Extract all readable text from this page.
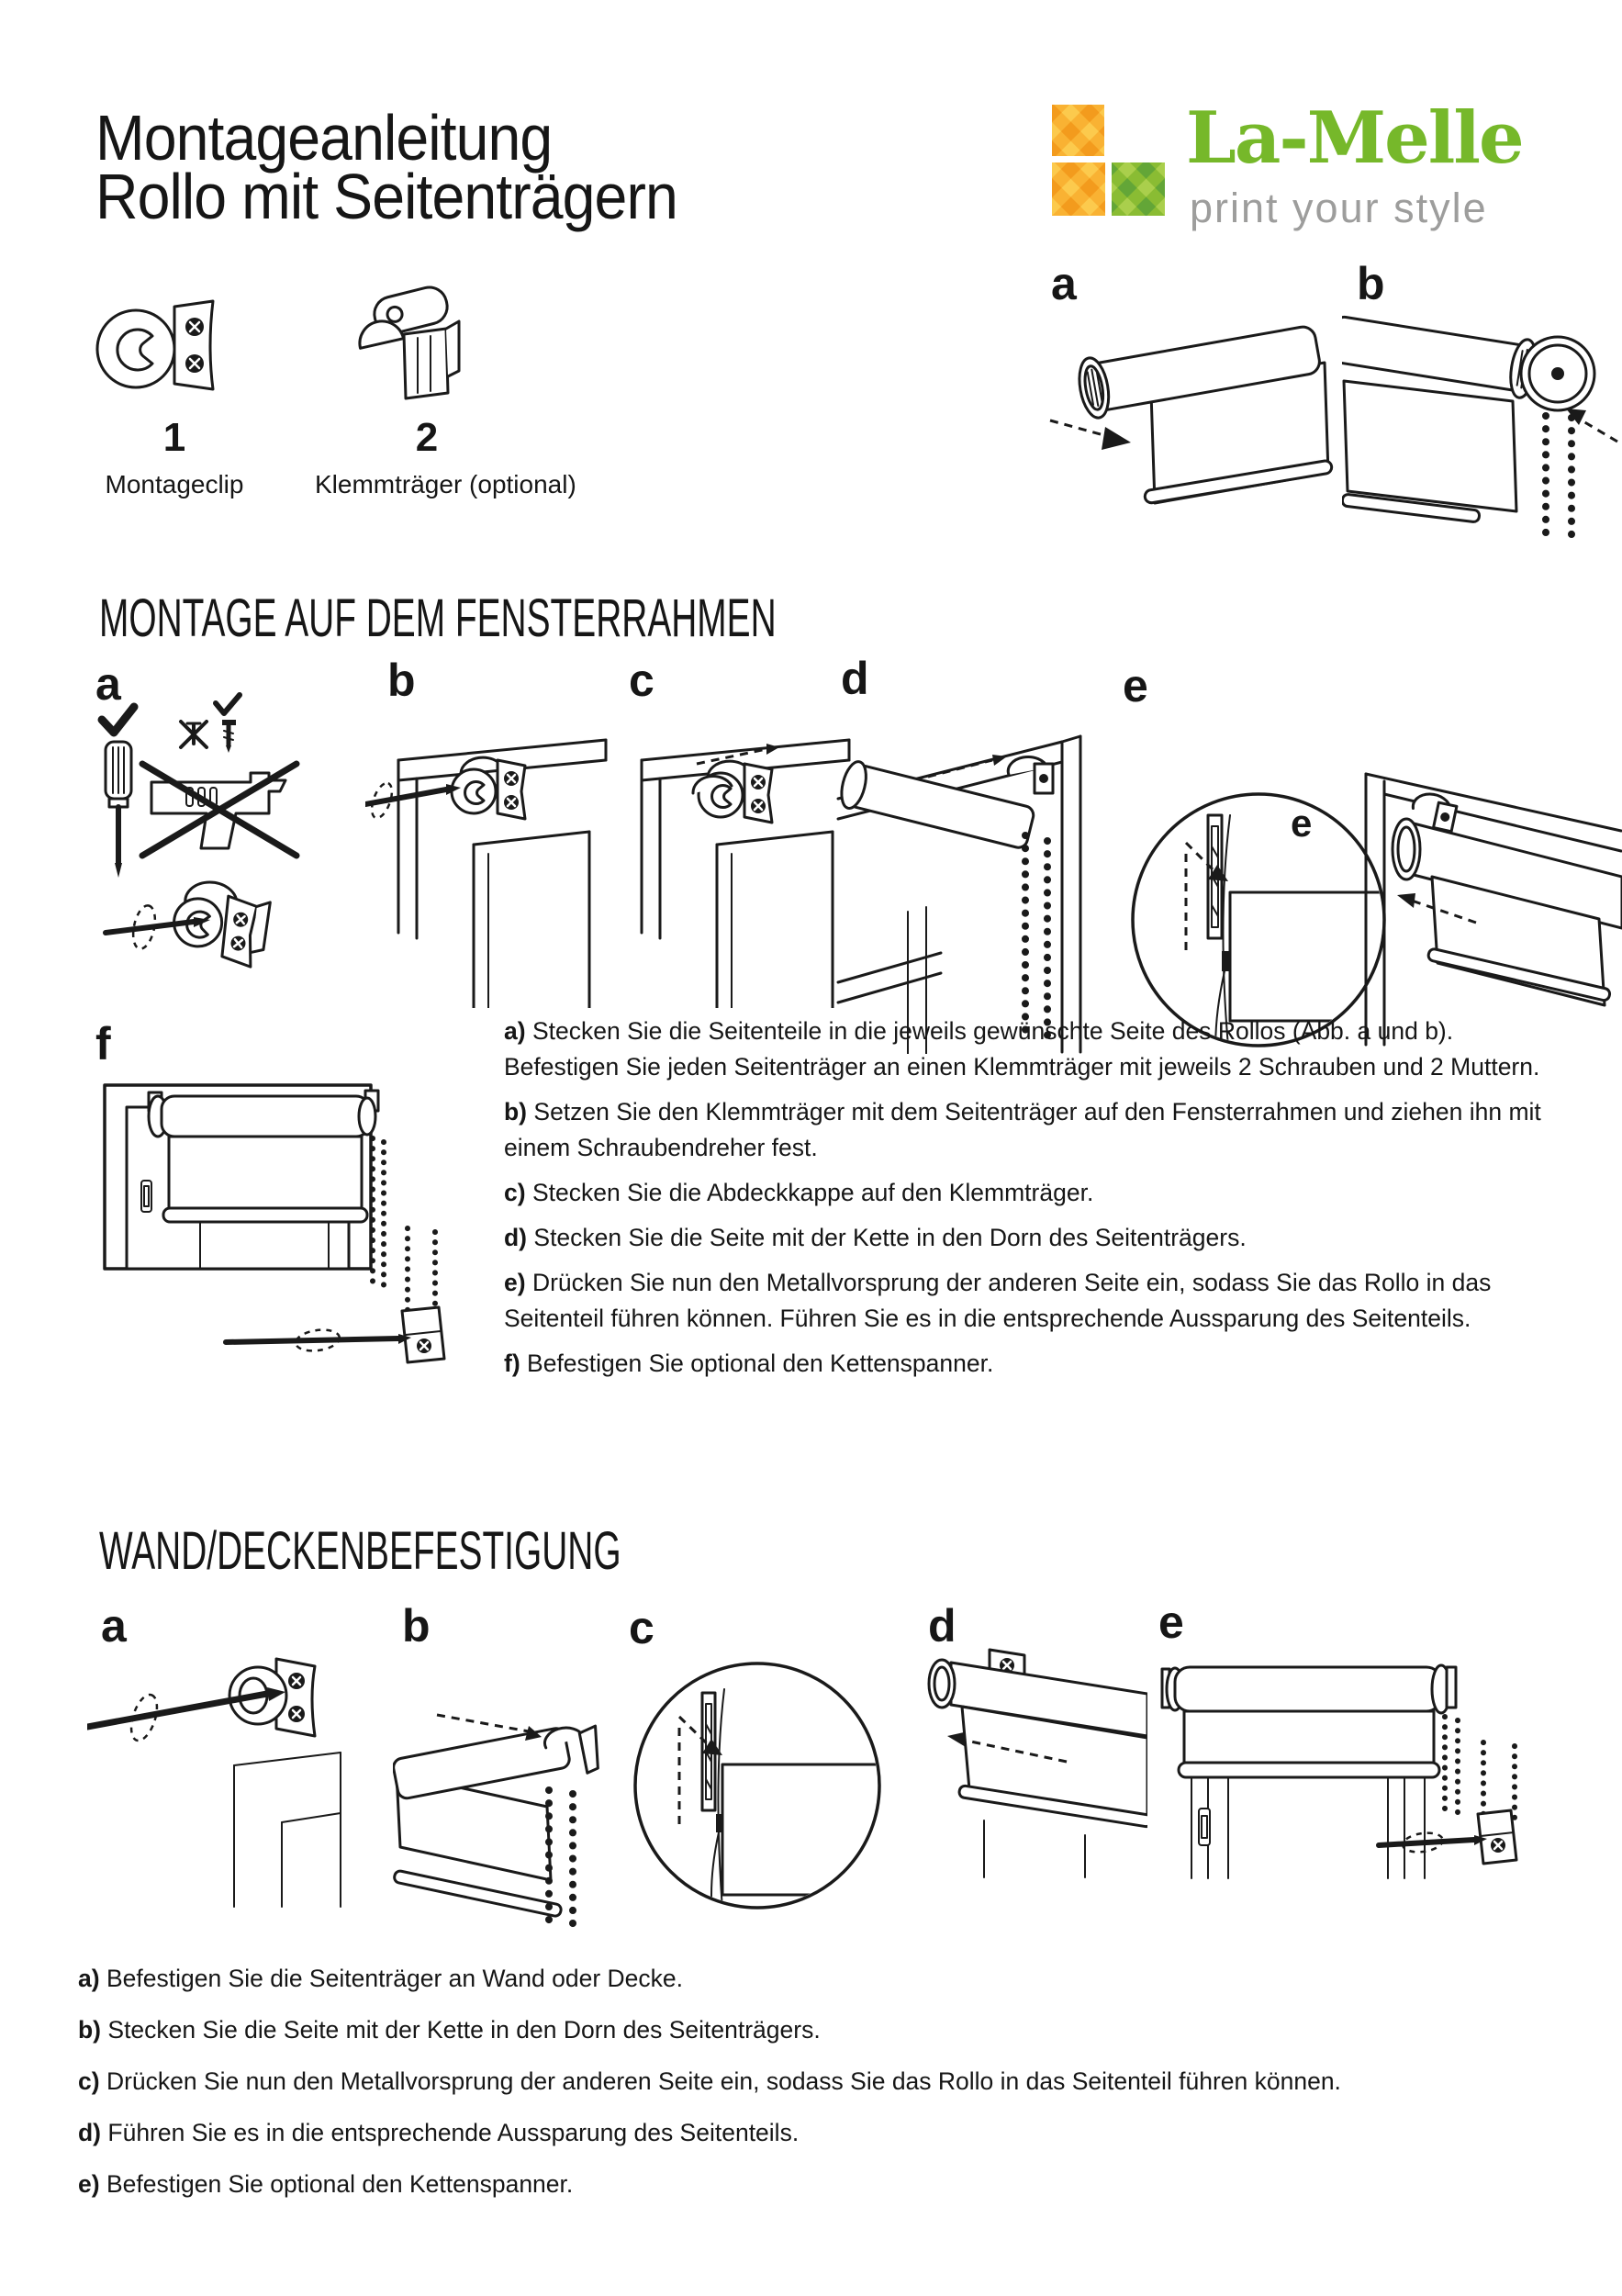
Montageanleitung
Rollo mit Seitenträgern
La-Melle
print your style
a	b
1
Montageclip
2
Klemmträger (optional)
MONTAGE AUF DEM FENSTERRAHMEN
a	b	c	d	e
e
f	a) Stecken Sie die Seitenteile in die jeweils gewünschte Seite des Rollos (Abb. a und b). Befestigen Sie jeden Seitenträger an einen Klemmträger mit jeweils 2 Schrauben und 2 Muttern.

b) Setzen Sie den Klemmträger mit dem Seitenträger auf den Fensterrahmen und ziehen ihn mit einem Schraubendreher fest.

c) Stecken Sie die Abdeckkappe auf den Klemmträger.

d) Stecken Sie die Seite mit der Kette in den Dorn des Seitenträgers.

e) Drücken Sie nun den Metallvorsprung der anderen Seite ein, sodass Sie das Rollo in das Seitenteil führen können. Führen Sie es in die entsprechende Aussparung des Seitenteils.

f) Befestigen Sie optional den Kettenspanner.

WAND/DECKENBEFESTIGUNG
a	b	c	d	e

a) Befestigen Sie die Seitenträger an Wand oder Decke.

b) Stecken Sie die Seite mit der Kette in den Dorn des Seitenträgers.

c) Drücken Sie nun den Metallvorsprung der anderen Seite ein, sodass Sie das Rollo in das Seitenteil führen können.

d) Führen Sie es in die entsprechende Aussparung des Seitenteils.

e) Befestigen Sie optional den Kettenspanner.
